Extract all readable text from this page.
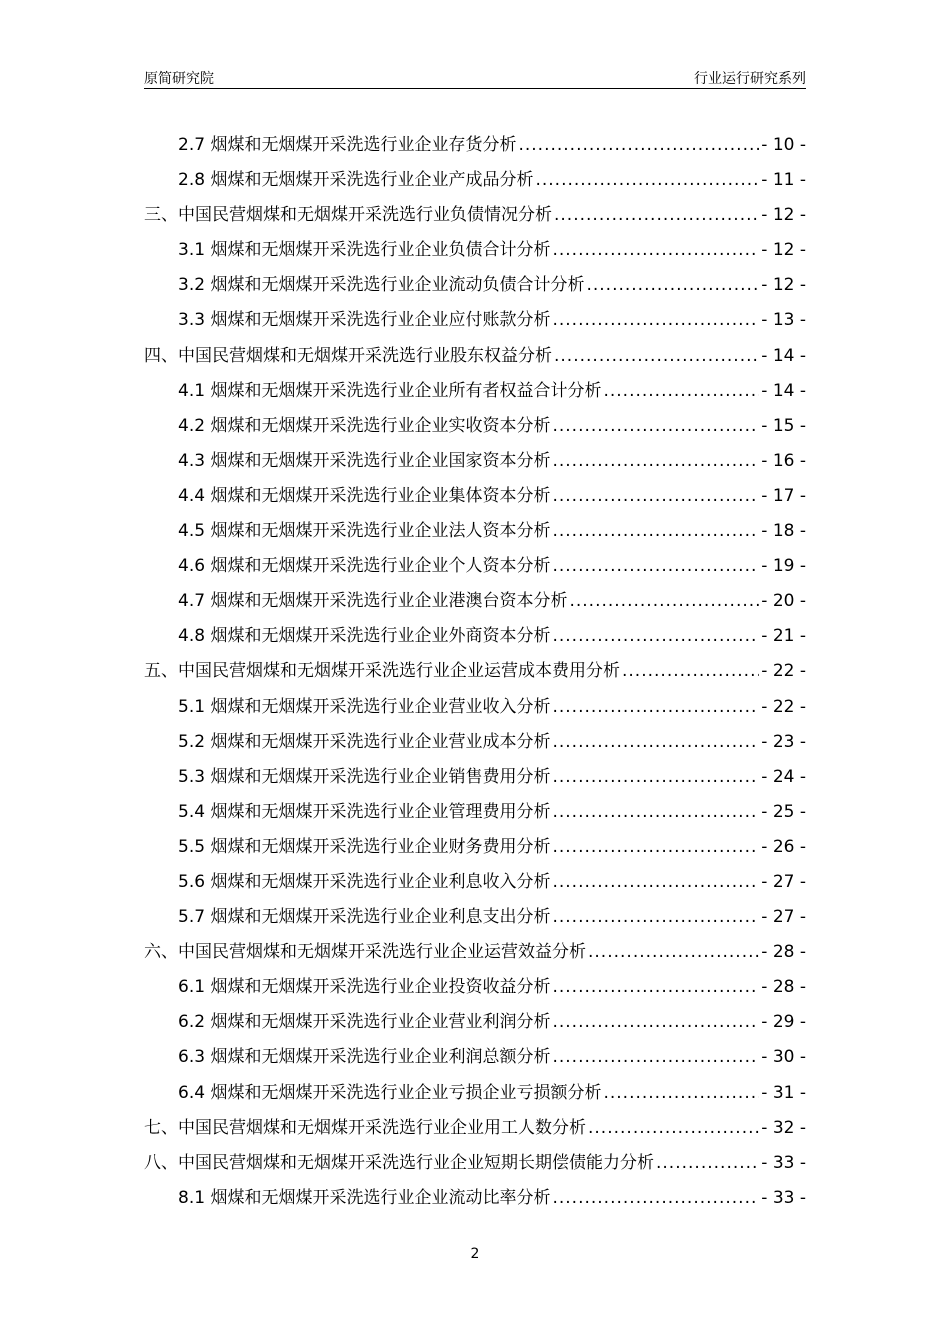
原简研究院	行业运行研究系列
2.7 烟煤和无烟煤开采洗选行业企业存货分析 .....	- 10 -
2.8 烟煤和无烟煤开采洗选行业企业产成品分析 .....	- 11 -
三、中国民营烟煤和无烟煤开采洗选行业负债情况分析 .....	- 12 -
3.1 烟煤和无烟煤开采洗选行业企业负债合计分析 .....	- 12 -
3.2 烟煤和无烟煤开采洗选行业企业流动负债合计分析 .....	- 12 -
3.3 烟煤和无烟煤开采洗选行业企业应付账款分析 .....	- 13 -
四、中国民营烟煤和无烟煤开采洗选行业股东权益分析 .....	- 14 -
4.1 烟煤和无烟煤开采洗选行业企业所有者权益合计分析 .....	- 14 -
4.2 烟煤和无烟煤开采洗选行业企业实收资本分析 .....	- 15 -
4.3 烟煤和无烟煤开采洗选行业企业国家资本分析 .....	- 16 -
4.4 烟煤和无烟煤开采洗选行业企业集体资本分析 .....	- 17 -
4.5 烟煤和无烟煤开采洗选行业企业法人资本分析 .....	- 18 -
4.6 烟煤和无烟煤开采洗选行业企业个人资本分析 .....	- 19 -
4.7 烟煤和无烟煤开采洗选行业企业港澳台资本分析 .....	- 20 -
4.8 烟煤和无烟煤开采洗选行业企业外商资本分析 .....	- 21 -
五、中国民营烟煤和无烟煤开采洗选行业企业运营成本费用分析 .....	- 22 -
5.1 烟煤和无烟煤开采洗选行业企业营业收入分析 .....	- 22 -
5.2 烟煤和无烟煤开采洗选行业企业营业成本分析 .....	- 23 -
5.3 烟煤和无烟煤开采洗选行业企业销售费用分析 .....	- 24 -
5.4 烟煤和无烟煤开采洗选行业企业管理费用分析 .....	- 25 -
5.5 烟煤和无烟煤开采洗选行业企业财务费用分析 .....	- 26 -
5.6 烟煤和无烟煤开采洗选行业企业利息收入分析 .....	- 27 -
5.7 烟煤和无烟煤开采洗选行业企业利息支出分析 .....	- 27 -
六、中国民营烟煤和无烟煤开采洗选行业企业运营效益分析 .....	- 28 -
6.1 烟煤和无烟煤开采洗选行业企业投资收益分析 .....	- 28 -
6.2 烟煤和无烟煤开采洗选行业企业营业利润分析 .....	- 29 -
6.3 烟煤和无烟煤开采洗选行业企业利润总额分析 .....	- 30 -
6.4 烟煤和无烟煤开采洗选行业企业亏损企业亏损额分析 .....	- 31 -
七、中国民营烟煤和无烟煤开采洗选行业企业用工人数分析 .....	- 32 -
八、中国民营烟煤和无烟煤开采洗选行业企业短期长期偿债能力分析 .....	- 33 -
8.1 烟煤和无烟煤开采洗选行业企业流动比率分析 .....	- 33 -
2
